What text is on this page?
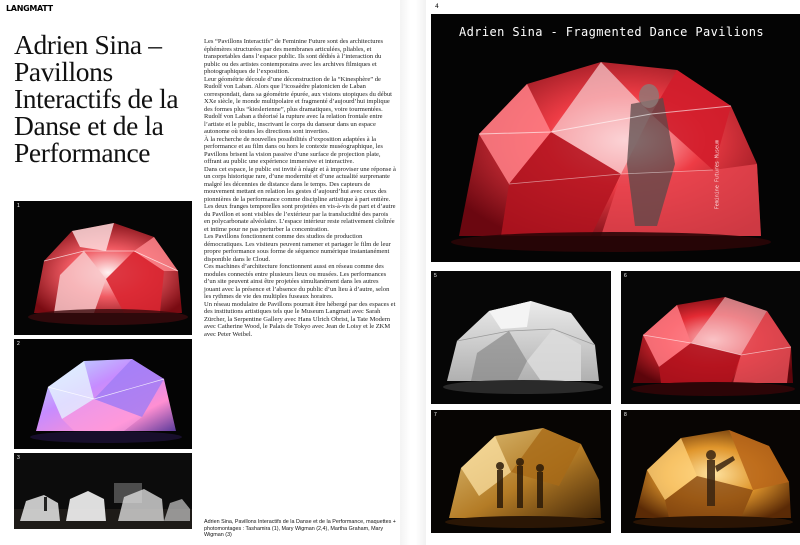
LANGMATT	4
Adrien Sina – Pavillons Interactifs de la Danse et de la Performance

Les “Pavillons Interactifs” de Feminine Future sont des architectures éphémères structurées par des membranes articulées, pliables, et transportables dans l’espace public. Ils sont dédiés à l’interaction du public ou des artistes contemporains avec les archives filmiques et photographiques de l’exposition.

Leur géométrie découle d’une déconstruction de la “Kinesphère” de Rudolf von Laban. Alors que l’icosaèdre platonicien de Laban correspondait, dans sa géométrie épurée, aux visions utopiques du début XXe siècle, le monde multipolaire et fragmenté d’aujourd’hui implique des formes plus “kieslerienne”, plus dramatiques, voire tourmentées.

Rudolf von Laban a théorisé la rupture avec la relation frontale entre l’artiste et le public, inscrivant le corps du danseur dans un espace autonome où toutes les directions sont inverties.

À la recherche de nouvelles possibilités d’exposition adaptées à la performance et au film dans ou hors le contexte muséographique, les Pavillons brisent la vision passive d’une surface de projection plate, offrant au public une expérience immersive et interactive.

Dans cet espace, le public est invité à réagir et à improviser une réponse à un corps historique rare, d’une modernité et d’une actualité surprenante malgré les décennies de distance dans le temps. Des capteurs de mouvement mettant en relation les gestes d’aujourd’hui avec ceux des pionnières de la performance comme discipline artistique à part entière.

Les deux franges temporelles sont projetées en vis-à-vis de part et d’autre du Pavillon et sont visibles de l’extérieur par la translucidité des parois en polycarbonate alvéolaire. L’espace intérieur reste relativement cloîtrée et intime pour ne pas perturber la concentration.

Les Pavillons fonctionnent comme des studios de production démocratiques. Les visiteurs peuvent ramener et partager le film de leur propre performance sous forme de séquence numérique instantanément disponible dans le Cloud.

Ces machines d’architecture fonctionnent aussi en réseau comme des modules connectés entre plusieurs lieux ou musées. Les performances d’un site peuvent ainsi être projetées simultanément dans les autres jouant avec la présence et l’absence du public d’un lieu à d’autre, selon les rythmes de vie des multiples fuseaux horaires.

Un réseau modulaire de Pavillons pourrait être hébergé par des espaces et des institutions artistiques tels que le Museum Langmatt avec Sarah Zürcher, la Serpentine Gallery avec Hans Ulrich Obrist, la Tate Modern avec Catherine Wood, le Palais de Tokyo avec Jean de Loisy et le ZKM avec Peter Weibel.

Adrien Sina, Pavillons Interactifs de la Danse et de la Performance, maquettes + photomontages : Tashamira (1), Mary Wigman (2,4), Martha Graham, Mary Wigman (3)
1
2
3
Adrien Sina - Fragmented Dance Pavilions
Feminine Futures Museum
5	6
7	8
